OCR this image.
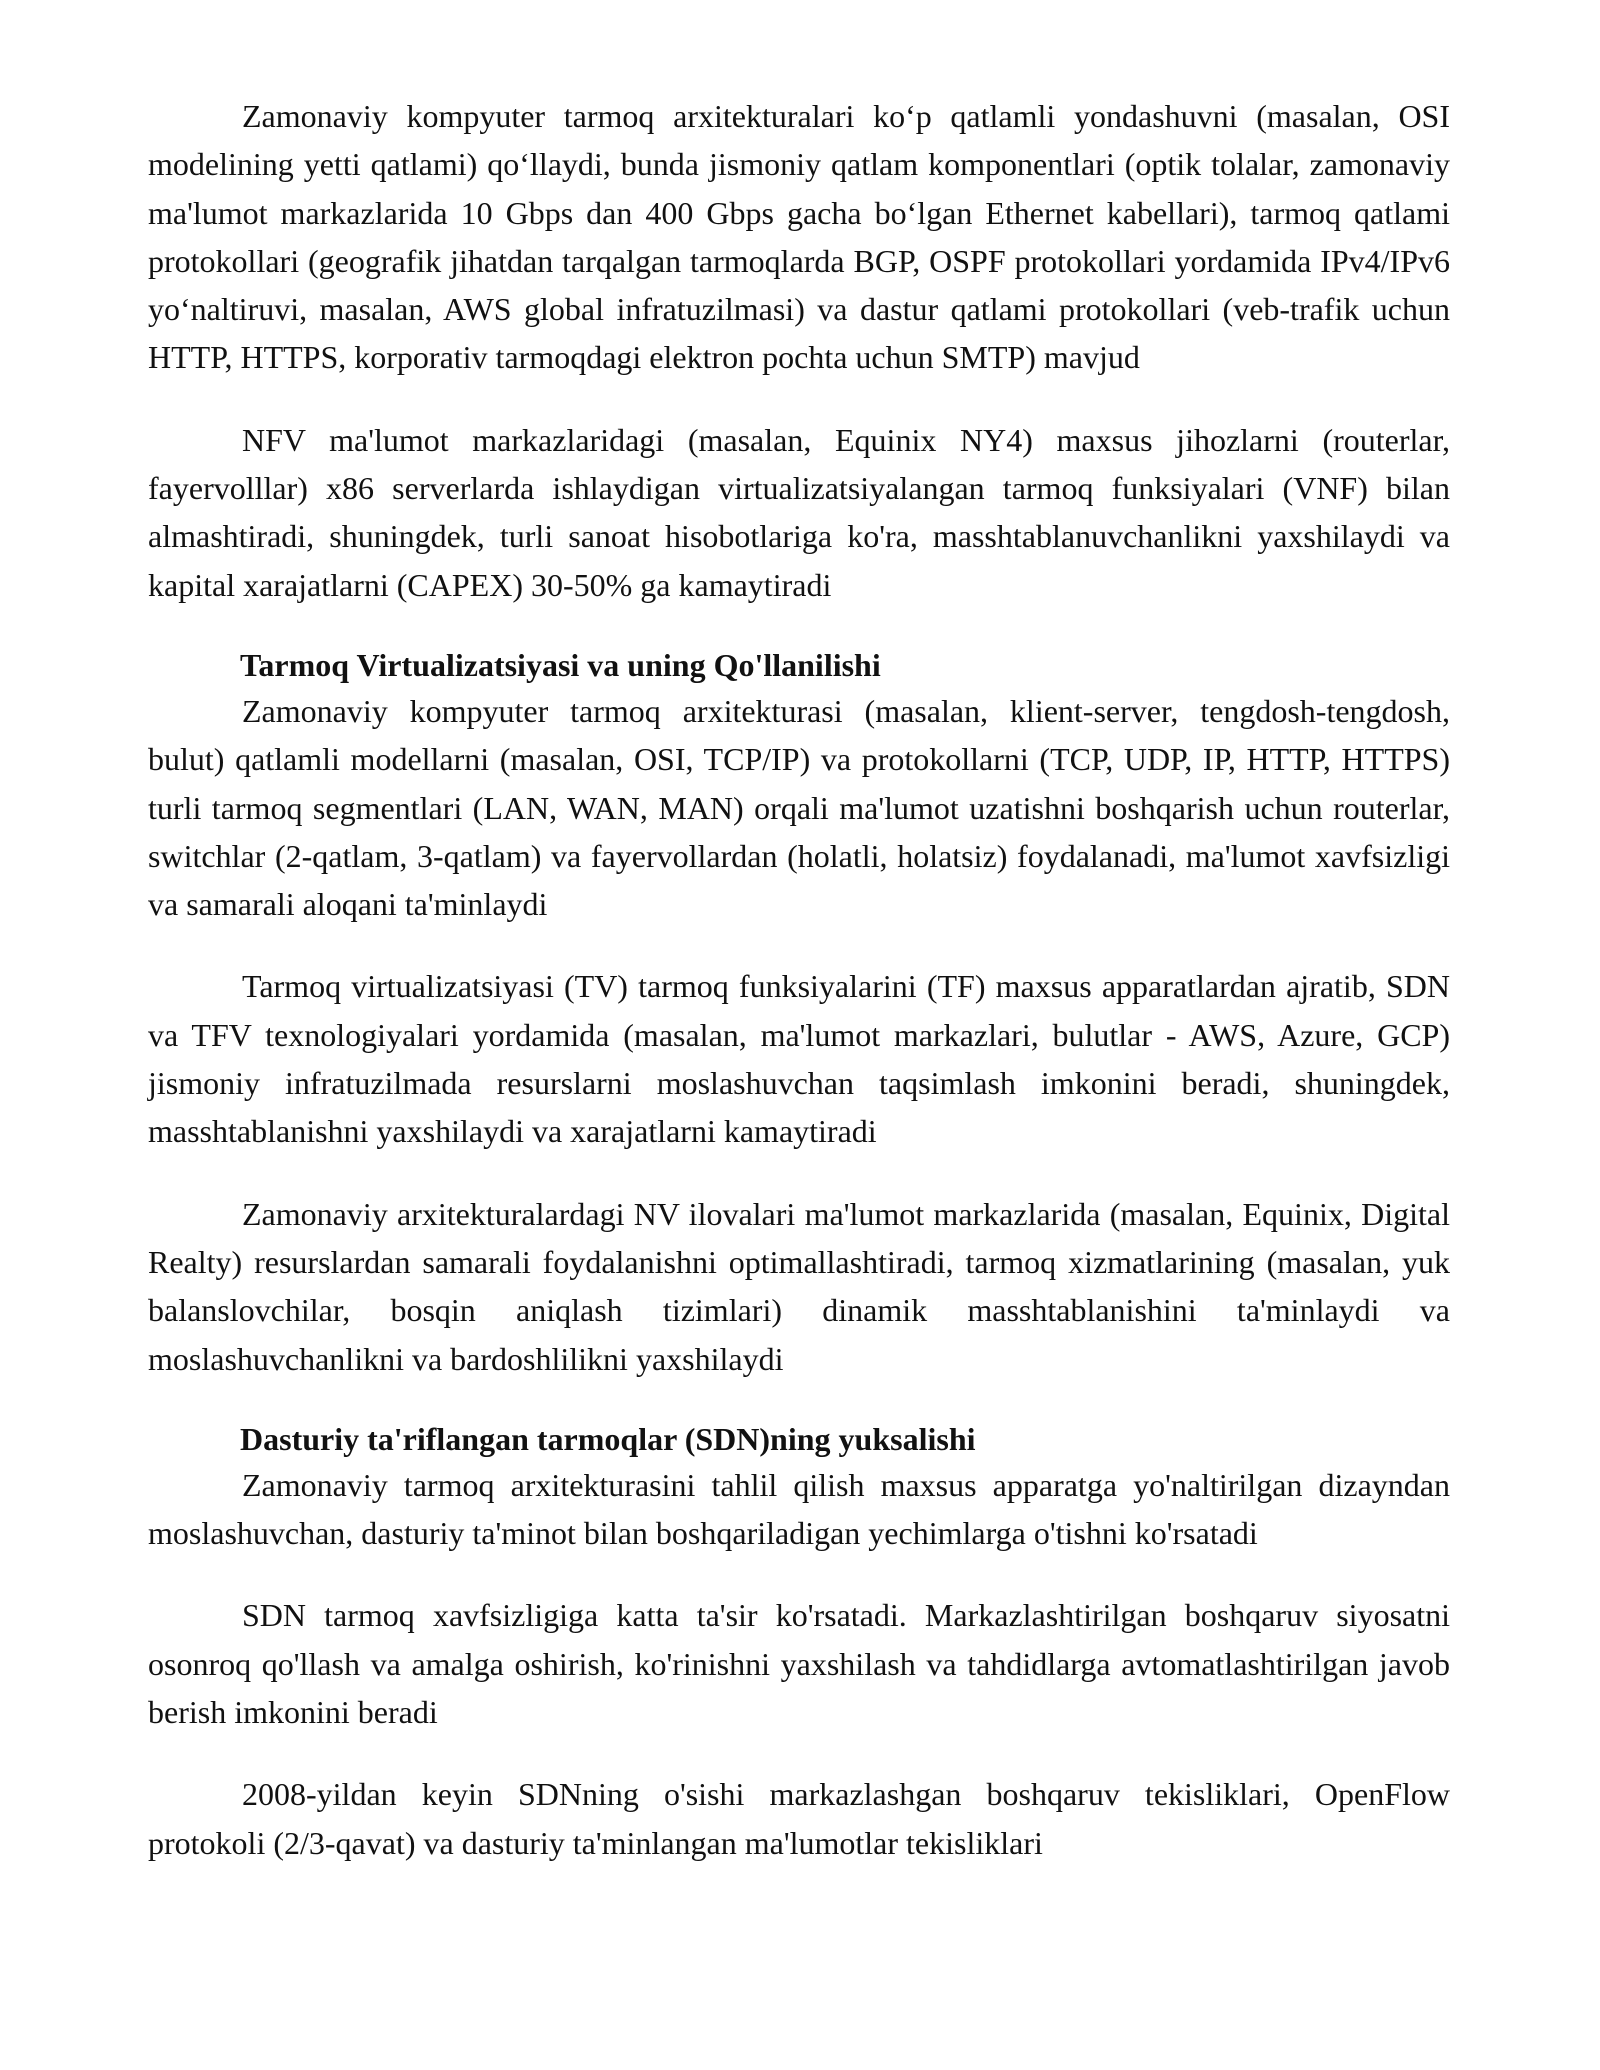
Zamonaviy kompyuter tarmoq arxitekturalari ko‘p qatlamli yondashuvni (masalan, OSI modelining yetti qatlami) qo‘llaydi, bunda jismoniy qatlam komponentlari (optik tolalar, zamonaviy ma'lumot markazlarida 10 Gbps dan 400 Gbps gacha bo‘lgan Ethernet kabellari), tarmoq qatlami protokollari (geografik jihatdan tarqalgan tarmoqlarda BGP, OSPF protokollari yordamida IPv4/IPv6 yo‘naltiruvi, masalan, AWS global infratuzilmasi) va dastur qatlami protokollari (veb-trafik uchun HTTP, HTTPS, korporativ tarmoqdagi elektron pochta uchun SMTP) mavjud

NFV ma'lumot markazlaridagi (masalan, Equinix NY4) maxsus jihozlarni (routerlar, fayervolllar) x86 serverlarda ishlaydigan virtualizatsiyalangan tarmoq funksiyalari (VNF) bilan almashtiradi, shuningdek, turli sanoat hisobotlariga ko'ra, masshtablanuvchanlikni yaxshilaydi va kapital xarajatlarni (CAPEX) 30-50% ga kamaytiradi

Tarmoq Virtualizatsiyasi va uning Qo'llanilishi

Zamonaviy kompyuter tarmoq arxitekturasi (masalan, klient-server, tengdosh-tengdosh, bulut) qatlamli modellarni (masalan, OSI, TCP/IP) va protokollarni (TCP, UDP, IP, HTTP, HTTPS) turli tarmoq segmentlari (LAN, WAN, MAN) orqali ma'lumot uzatishni boshqarish uchun routerlar, switchlar (2-qatlam, 3-qatlam) va fayervollardan (holatli, holatsiz) foydalanadi, ma'lumot xavfsizligi va samarali aloqani ta'minlaydi

Tarmoq virtualizatsiyasi (TV) tarmoq funksiyalarini (TF) maxsus apparatlardan ajratib, SDN va TFV texnologiyalari yordamida (masalan, ma'lumot markazlari, bulutlar - AWS, Azure, GCP) jismoniy infratuzilmada resurslarni moslashuvchan taqsimlash imkonini beradi, shuningdek, masshtablanishni yaxshilaydi va xarajatlarni kamaytiradi

Zamonaviy arxitekturalardagi NV ilovalari ma'lumot markazlarida (masalan, Equinix, Digital Realty) resurslardan samarali foydalanishni optimallashtiradi, tarmoq xizmatlarining (masalan, yuk balanslovchilar, bosqin aniqlash tizimlari) dinamik masshtablanishini ta'minlaydi va moslashuvchanlikni va bardoshlilikni yaxshilaydi

Dasturiy ta'riflangan tarmoqlar (SDN)ning yuksalishi

Zamonaviy tarmoq arxitekturasini tahlil qilish maxsus apparatga yo'naltirilgan dizayndan moslashuvchan, dasturiy ta'minot bilan boshqariladigan yechimlarga o'tishni ko'rsatadi

SDN tarmoq xavfsizligiga katta ta'sir ko'rsatadi. Markazlashtirilgan boshqaruv siyosatni osonroq qo'llash va amalga oshirish, ko'rinishni yaxshilash va tahdidlarga avtomatlashtirilgan javob berish imkonini beradi

2008-yildan keyin SDNning o'sishi markazlashgan boshqaruv tekisliklari, OpenFlow protokoli (2/3-qavat) va dasturiy ta'minlangan ma'lumotlar tekisliklari
